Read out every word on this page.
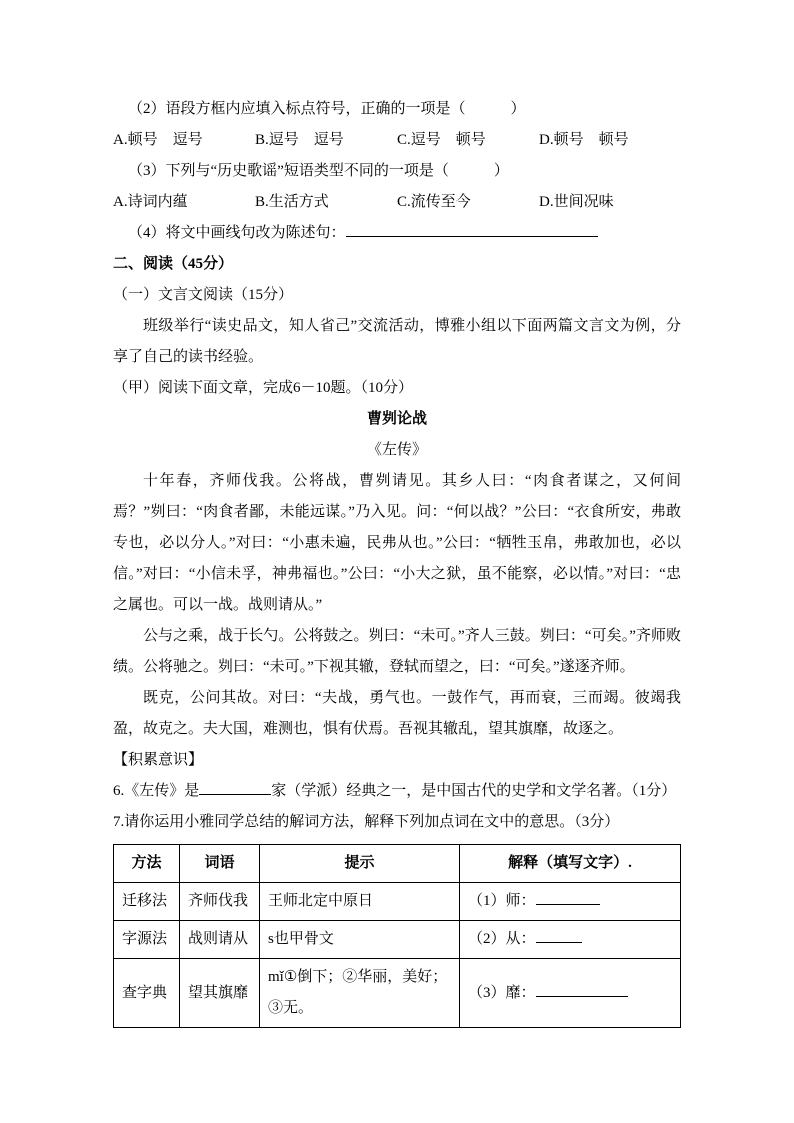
（2）语段方框内应填入标点符号，正确的一项是（　　　）
A.顿号　逗号	B.逗号　逗号	C.逗号　顿号	D.顿号　顿号
（3）下列与“历史歌谣”短语类型不同的一项是（　　　）
A.诗词内蕴	B.生活方式	C.流传至今	D.世间况味
（4）将文中画线句改为陈述句：
二、阅读（45分）
（一）文言文阅读（15分）

班级举行“读史品文，知人省己”交流活动，博雅小组以下面两篇文言文为例，分享了自己的读书经验。

（甲）阅读下面文章，完成6－10题。（10分）
曹刿论战
《左传》

十年春，齐师伐我。公将战，曹刿请见。其乡人曰：“肉食者谋之，又何间焉？”刿曰：“肉食者鄙，未能远谋。”乃入见。问：“何以战？”公曰：“衣食所安，弗敢专也，必以分人。”对曰：“小惠未遍，民弗从也。”公曰：“牺牲玉帛，弗敢加也，必以信。”对曰：“小信未孚，神弗福也。”公曰：“小大之狱，虽不能察，必以情。”对曰：“忠之属也。可以一战。战则请从。”

公与之乘，战于长勺。公将鼓之。刿曰：“未可。”齐人三鼓。刿曰：“可矣。”齐师败绩。公将驰之。刿曰：“未可。”下视其辙，登轼而望之，曰：“可矣。”遂逐齐师。

既克，公问其故。对曰：“夫战，勇气也。一鼓作气，再而衰，三而竭。彼竭我盈，故克之。夫大国，难测也，惧有伏焉。吾视其辙乱，望其旗靡，故逐之。

【积累意识】
6.《左传》是	家（学派）经典之一，是中国古代的史学和文学名著。（1分）
7.请你运用小雅同学总结的解词方法，解释下列加点词在文中的意思。（3分）
方法	词语	提示	解释（填写文字）.
迁移法	齐师伐我	王师北定中原日	（1）师：
字源法	战则请从	s也甲骨文	（2）从：
查字典	望其旗靡	mǐ①倒下；②华丽，美好；③无。	（3）靡：
